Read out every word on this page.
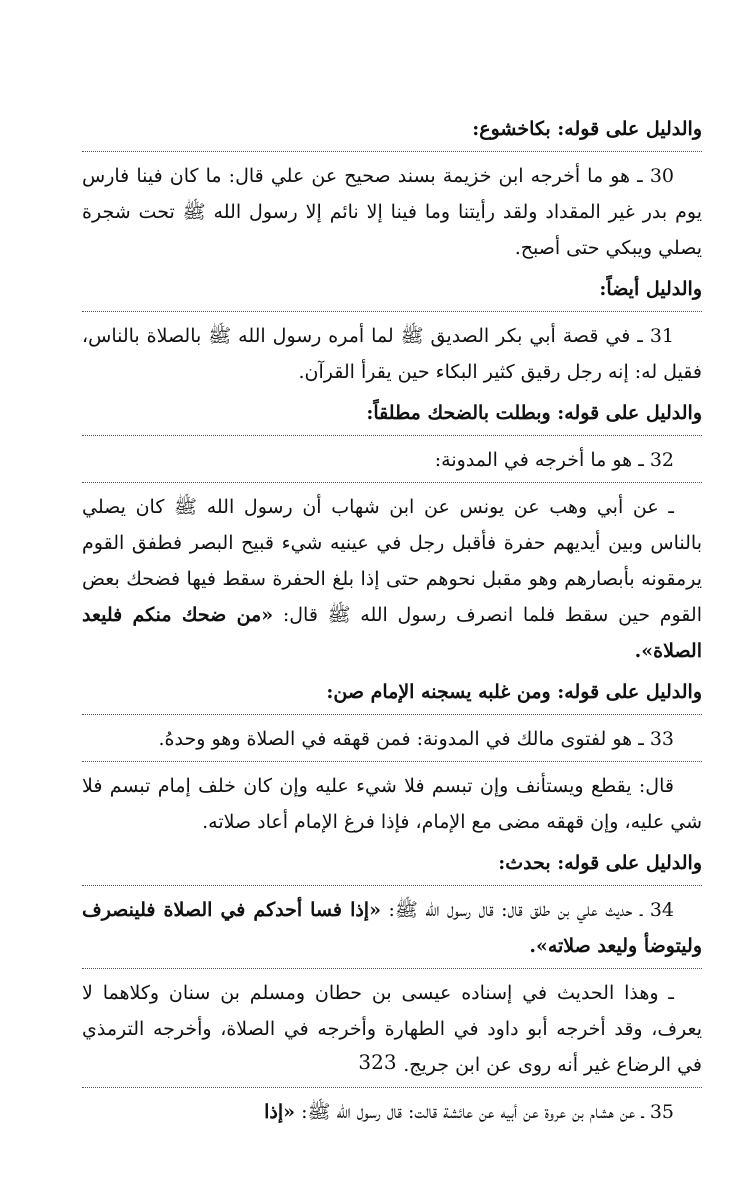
والدليل على قوله: بكاخشوع:

30 ـ هو ما أخرجه ابن خزيمة بسند صحيح عن علي قال: ما كان فينا فارس يوم بدر غير المقداد ولقد رأيتنا وما فينا إلا نائم إلا رسول الله ﷺ تحت شجرة يصلي ويبكي حتى أصبح.

والدليل أيضاً:

31 ـ في قصة أبي بكر الصديق ﷺ لما أمره رسول الله ﷺ بالصلاة بالناس، فقيل له: إنه رجل رقيق كثير البكاء حين يقرأ القرآن.

والدليل على قوله: وبطلت بالضحك مطلقاً:

32 ـ هو ما أخرجه في المدونة:

ـ عن أبي وهب عن يونس عن ابن شهاب أن رسول الله ﷺ كان يصلي بالناس وبين أيديهم حفرة فأقبل رجل في عينيه شيء قبيح البصر فطفق القوم يرمقونه بأبصارهم وهو مقبل نحوهم حتى إذا بلغ الحفرة سقط فيها فضحك بعض القوم حين سقط فلما انصرف رسول الله ﷺ قال: «من ضحك منكم فليعد الصلاة».

والدليل على قوله: ومن غلبه يسجنه الإمام صن:

33 ـ هو لفتوى مالك في المدونة: فمن قهقه في الصلاة وهو وحدهُ.

قال: يقطع ويستأنف وإن تبسم فلا شيء عليه وإن كان خلف إمام تبسم فلا شي عليه، وإن قهقه مضى مع الإمام، فإذا فرغ الإمام أعاد صلاته.

والدليل على قوله: بحدث:

34 ـ حديث علي بن طلق قال: قال رسول الله ﷺ: «إذا فسا أحدكم في الصلاة فلينصرف وليتوضأ وليعد صلاته».

ـ وهذا الحديث في إسناده عيسى بن حطان ومسلم بن سنان وكلاهما لا يعرف، وقد أخرجه أبو داود في الطهارة وأخرجه في الصلاة، وأخرجه الترمذي في الرضاع غير أنه روى عن ابن جريج.

35 ـ عن هشام بن عروة عن أبيه عن عائشة قالت: قال رسول الله ﷺ: «إذا

323
